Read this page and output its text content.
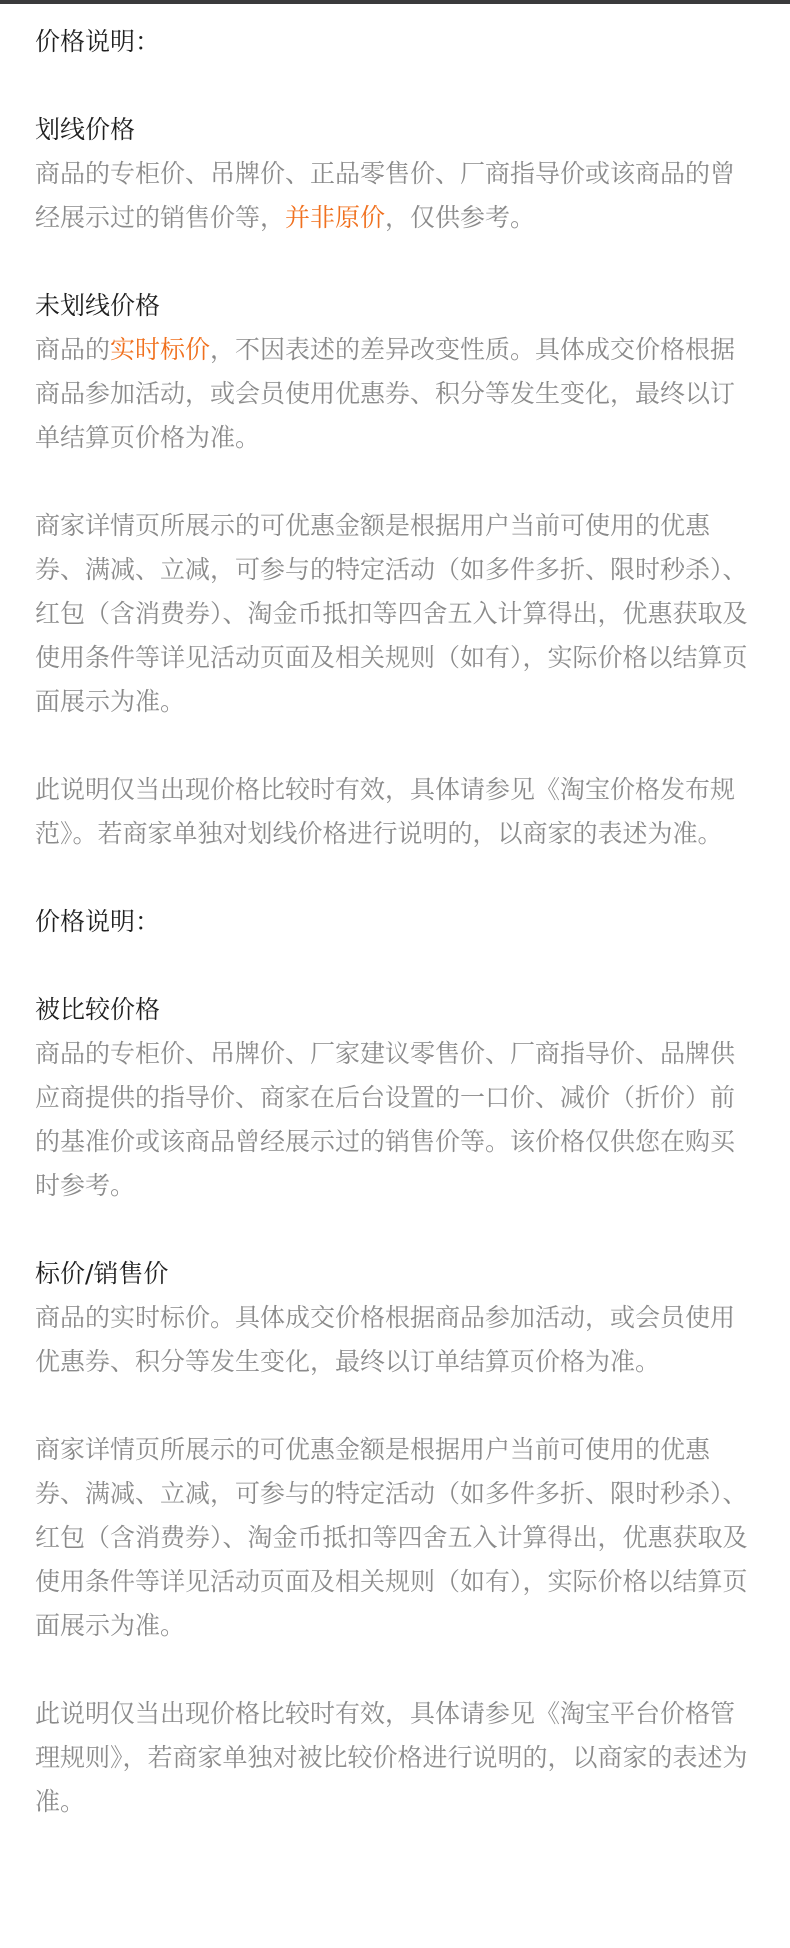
价格说明：

划线价格

商品的专柜价、吊牌价、正品零售价、厂商指导价或该商品的曾经展示过的销售价等，并非原价，仅供参考。

未划线价格

商品的实时标价，不因表述的差异改变性质。具体成交价格根据商品参加活动，或会员使用优惠券、积分等发生变化，最终以订单结算页价格为准。

商家详情页所展示的可优惠金额是根据用户当前可使用的优惠券、满减、立减，可参与的特定活动（如多件多折、限时秒杀）、红包（含消费券）、淘金币抵扣等四舍五入计算得出，优惠获取及使用条件等详见活动页面及相关规则（如有），实际价格以结算页面展示为准。

此说明仅当出现价格比较时有效，具体请参见《淘宝价格发布规范》。若商家单独对划线价格进行说明的，以商家的表述为准。

价格说明：

被比较价格

商品的专柜价、吊牌价、厂家建议零售价、厂商指导价、品牌供应商提供的指导价、商家在后台设置的一口价、减价（折价）前的基准价或该商品曾经展示过的销售价等。该价格仅供您在购买时参考。

标价/销售价

商品的实时标价。具体成交价格根据商品参加活动，或会员使用优惠券、积分等发生变化，最终以订单结算页价格为准。

商家详情页所展示的可优惠金额是根据用户当前可使用的优惠券、满减、立减，可参与的特定活动（如多件多折、限时秒杀）、红包（含消费券）、淘金币抵扣等四舍五入计算得出，优惠获取及使用条件等详见活动页面及相关规则（如有），实际价格以结算页面展示为准。

此说明仅当出现价格比较时有效，具体请参见《淘宝平台价格管理规则》，若商家单独对被比较价格进行说明的，以商家的表述为准。
